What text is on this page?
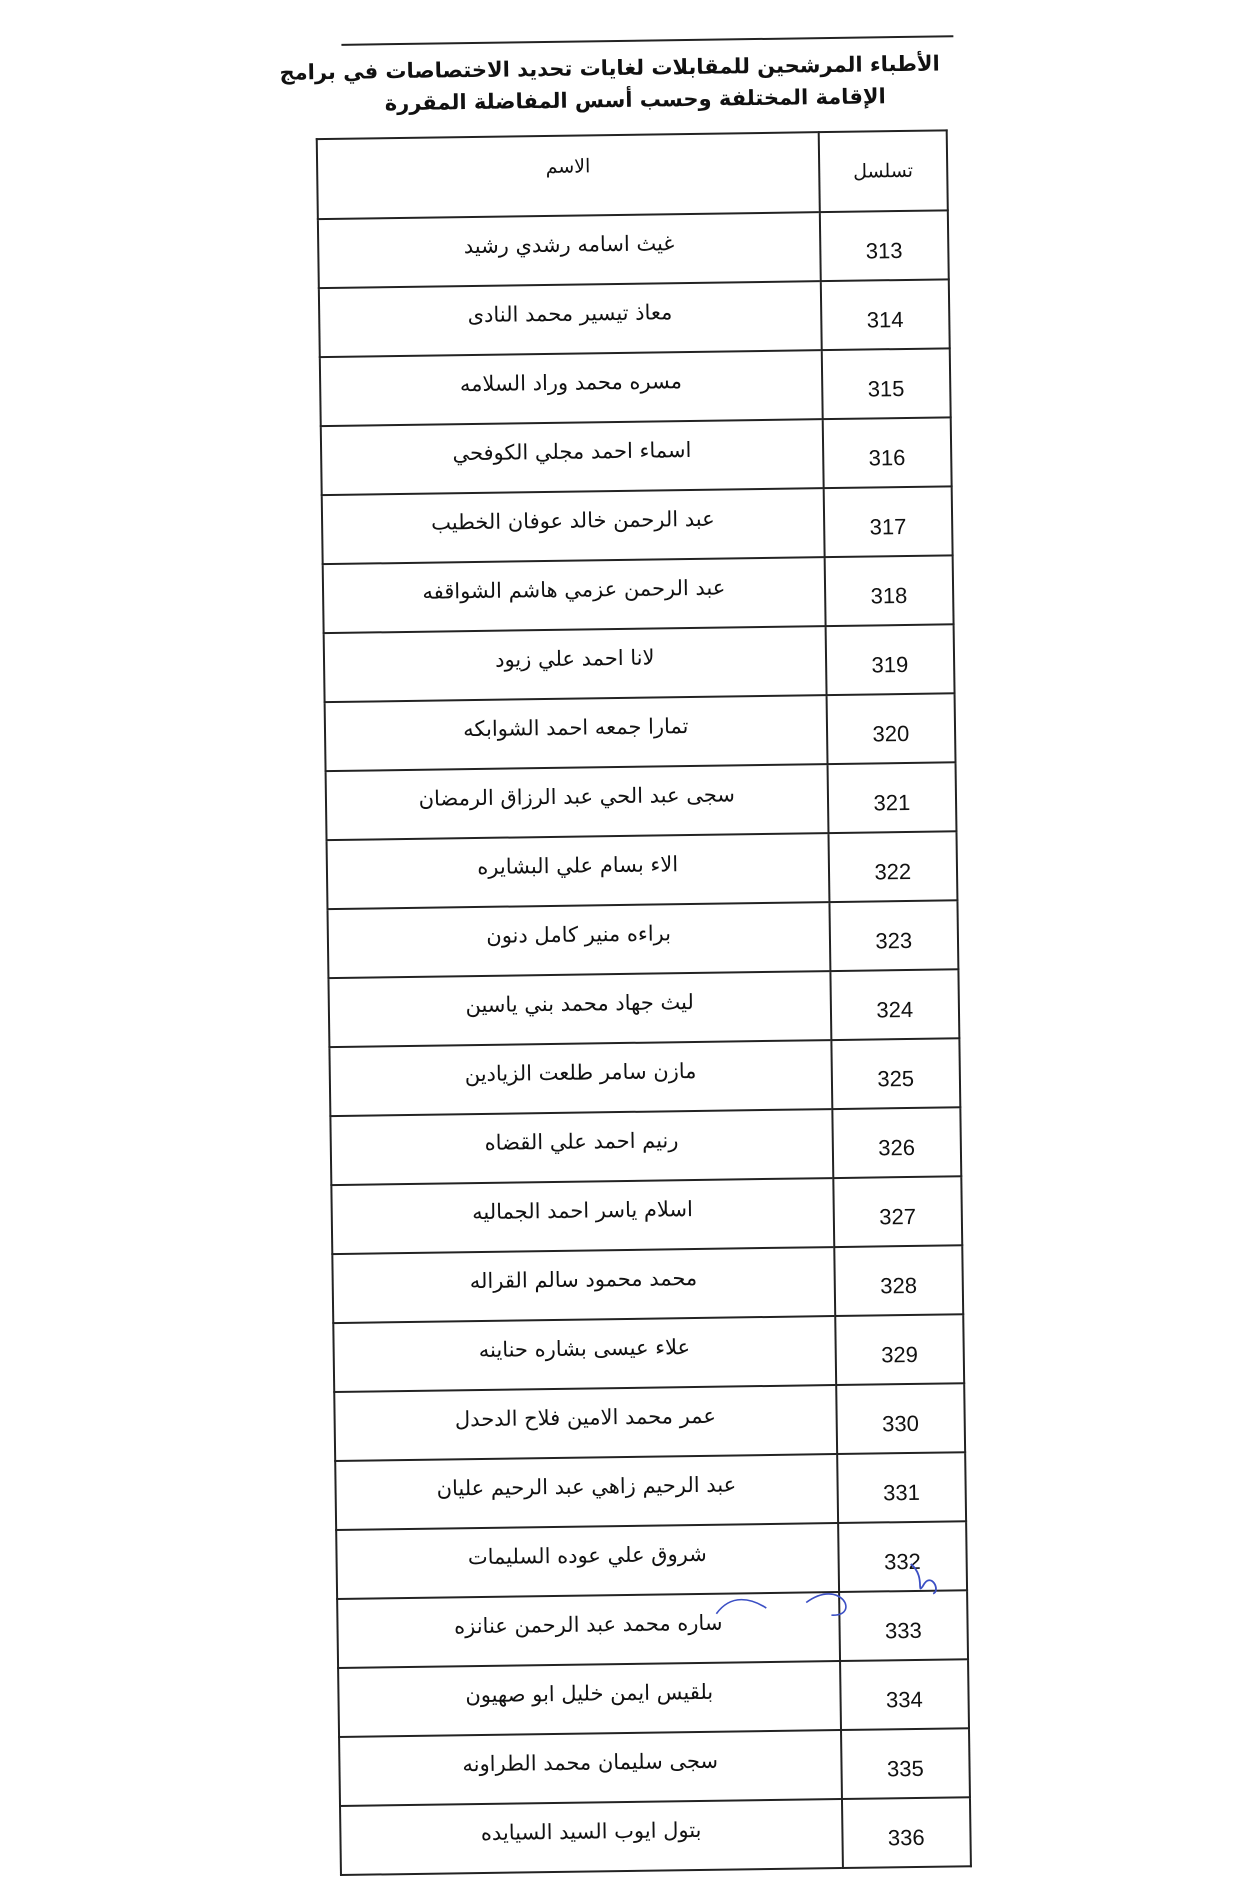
الأطباء المرشحين للمقابلات لغايات تحديد الاختصاصات في برامج
الإقامة المختلفة وحسب أسس المفاضلة المقررة
تسلسل	الاسم
313	غيث اسامه رشدي رشيد
314	معاذ تيسير محمد النادى
315	مسره محمد وراد السلامه
316	اسماء احمد مجلي الكوفحي
317	عبد الرحمن خالد عوفان الخطيب
318	عبد الرحمن عزمي هاشم الشواقفه
319	لانا احمد علي زيود
320	تمارا جمعه احمد الشوابكه
321	سجى عبد الحي عبد الرزاق الرمضان
322	الاء بسام علي البشايره
323	براءه منير كامل دنون
324	ليث جهاد محمد بني ياسين
325	مازن سامر طلعت الزيادين
326	رنيم احمد علي القضاه
327	اسلام ياسر احمد الجماليه
328	محمد محمود سالم القراله
329	علاء عيسى بشاره حناينه
330	عمر محمد الامين فلاح الدحدل
331	عبد الرحيم زاهي عبد الرحيم عليان
332	شروق علي عوده السليمات
333	ساره محمد عبد الرحمن عنانزه
334	بلقيس ايمن خليل ابو صهيون
335	سجى سليمان محمد الطراونه
336	بتول ايوب السيد السيايده
